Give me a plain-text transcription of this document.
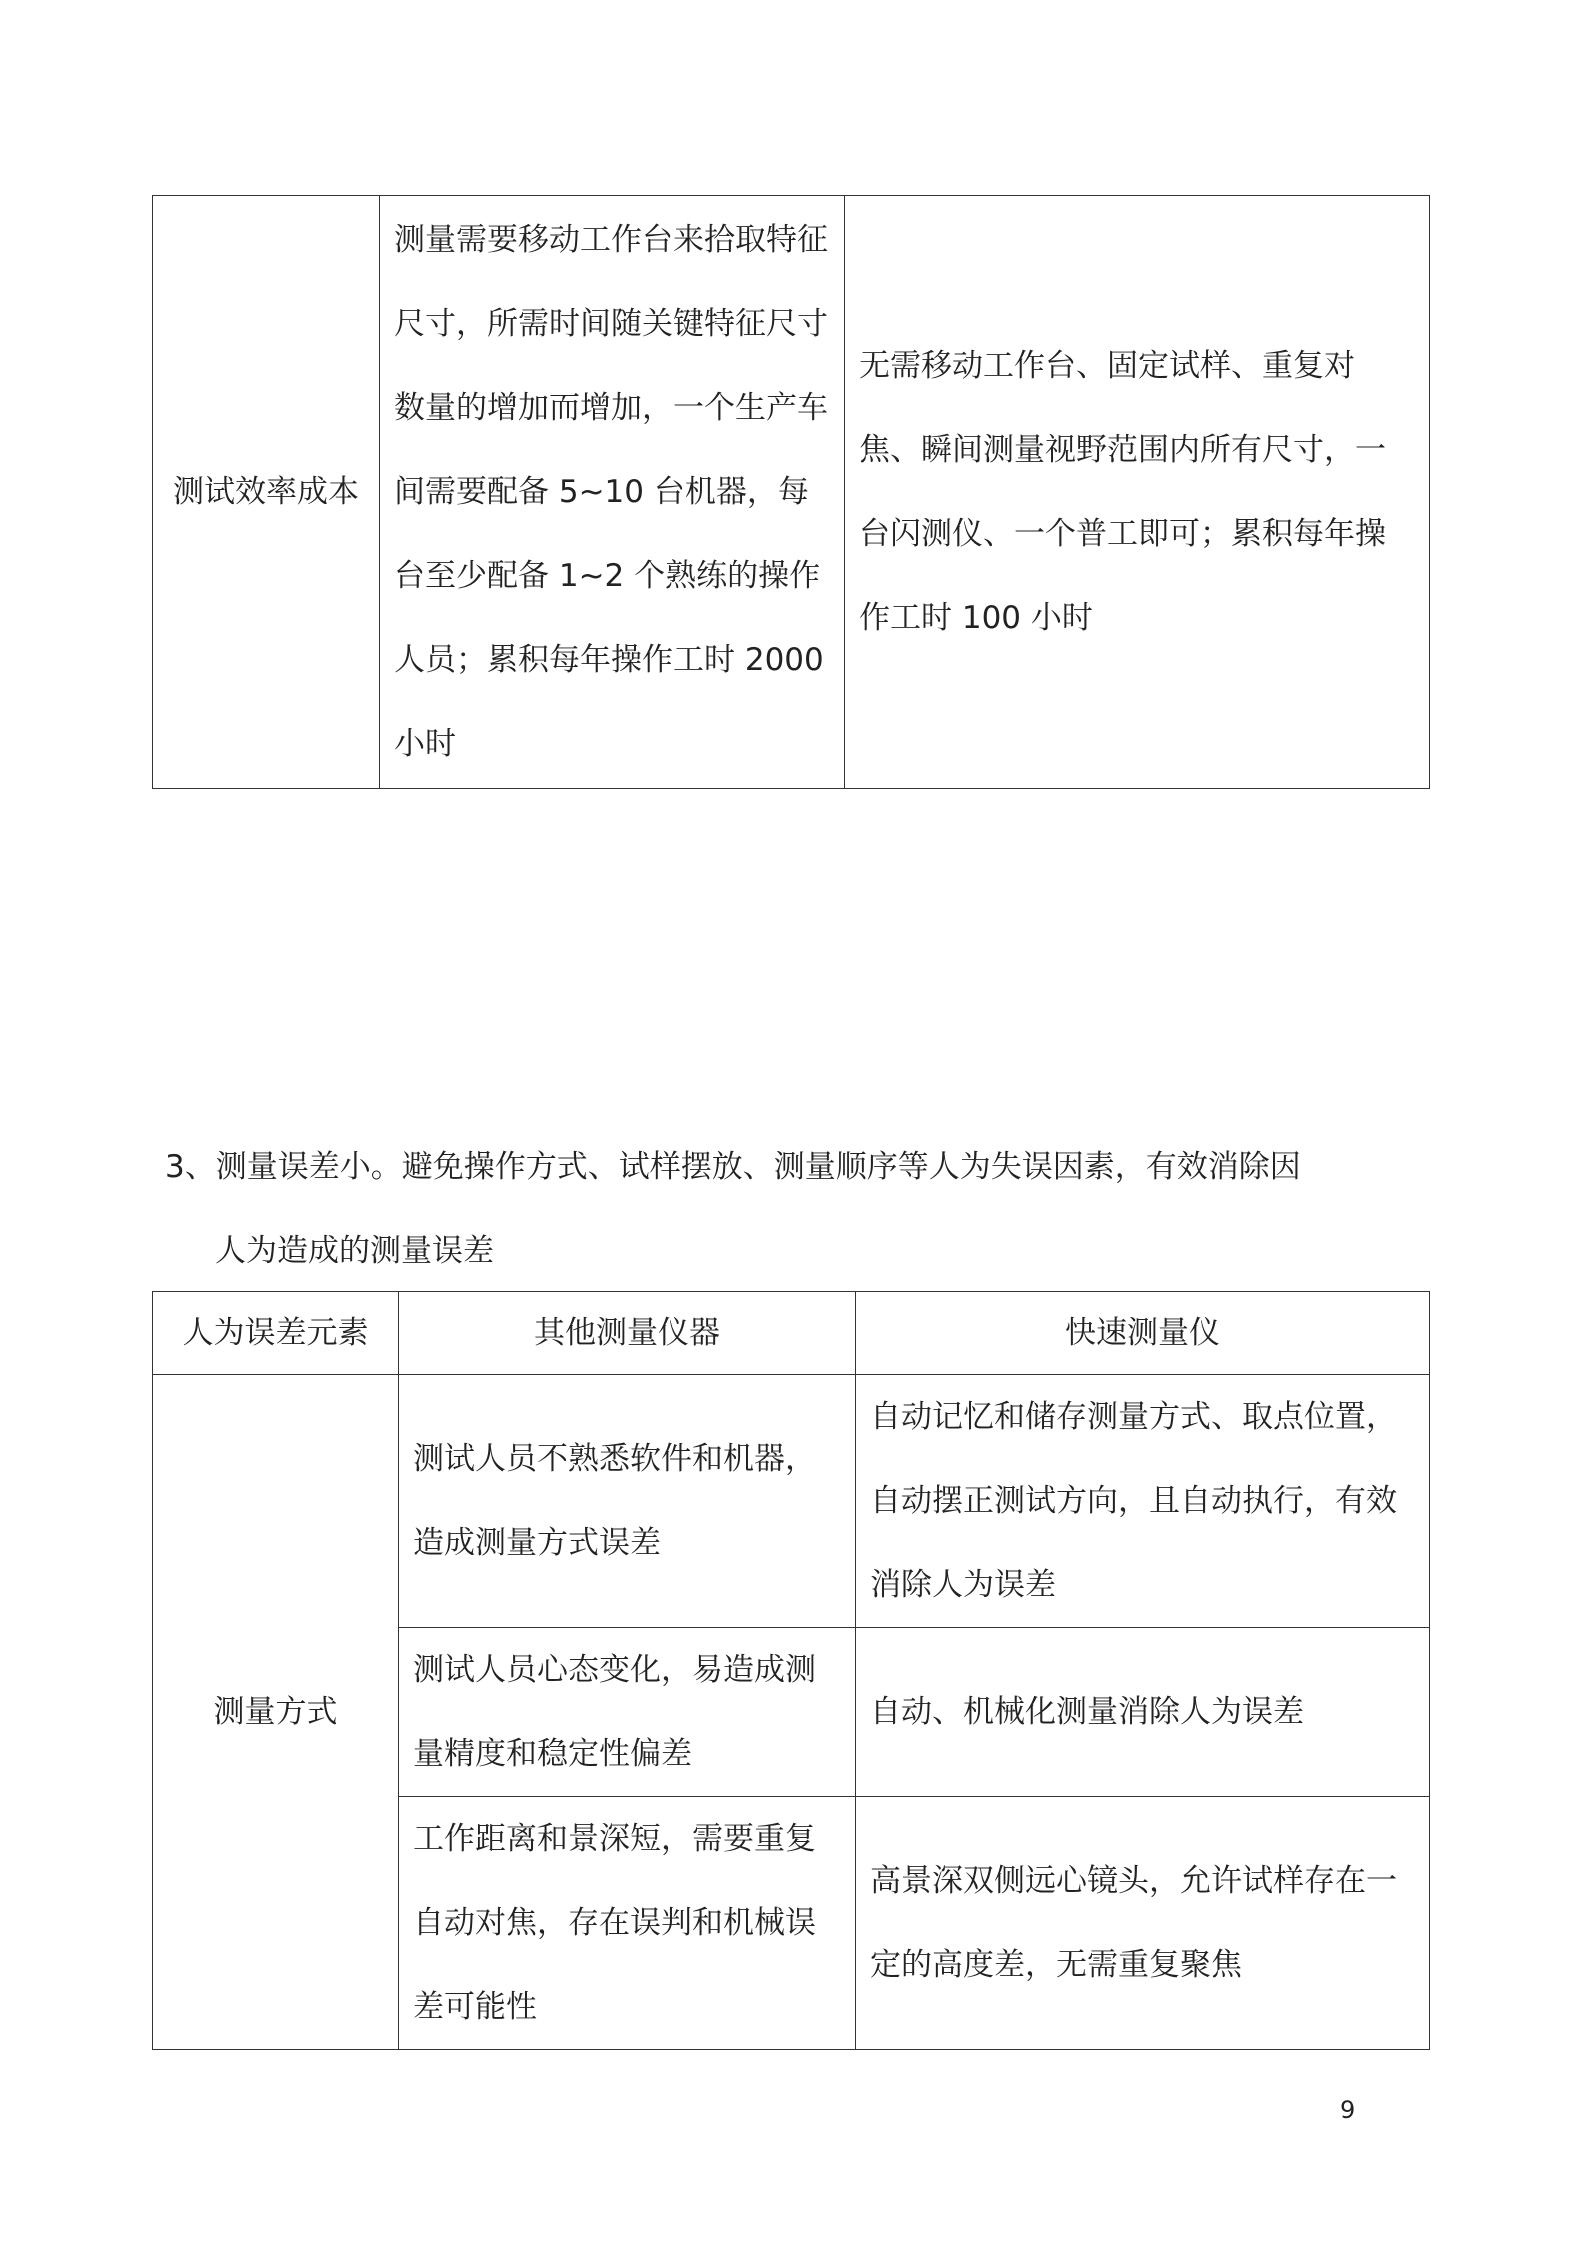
测试效率成本	测量需要移动工作台来拾取特征尺寸，所需时间随关键特征尺寸数量的增加而增加，一个生产车间需要配备 5~10 台机器，每台至少配备 1~2 个熟练的操作人员；累积每年操作工时 2000 小时	无需移动工作台、固定试样、重复对焦、瞬间测量视野范围内所有尺寸，一台闪测仪、一个普工即可；累积每年操作工时 100 小时
3、测量误差小。避免操作方式、试样摆放、测量顺序等人为失误因素，有效消除因
人为造成的测量误差
人为误差元素	其他测量仪器	快速测量仪
测量方式	测试人员不熟悉软件和机器，造成测量方式误差	自动记忆和储存测量方式、取点位置，自动摆正测试方向，且自动执行，有效消除人为误差
	测试人员心态变化，易造成测量精度和稳定性偏差	自动、机械化测量消除人为误差
	工作距离和景深短，需要重复自动对焦，存在误判和机械误差可能性	高景深双侧远心镜头，允许试样存在一定的高度差，无需重复聚焦
9
